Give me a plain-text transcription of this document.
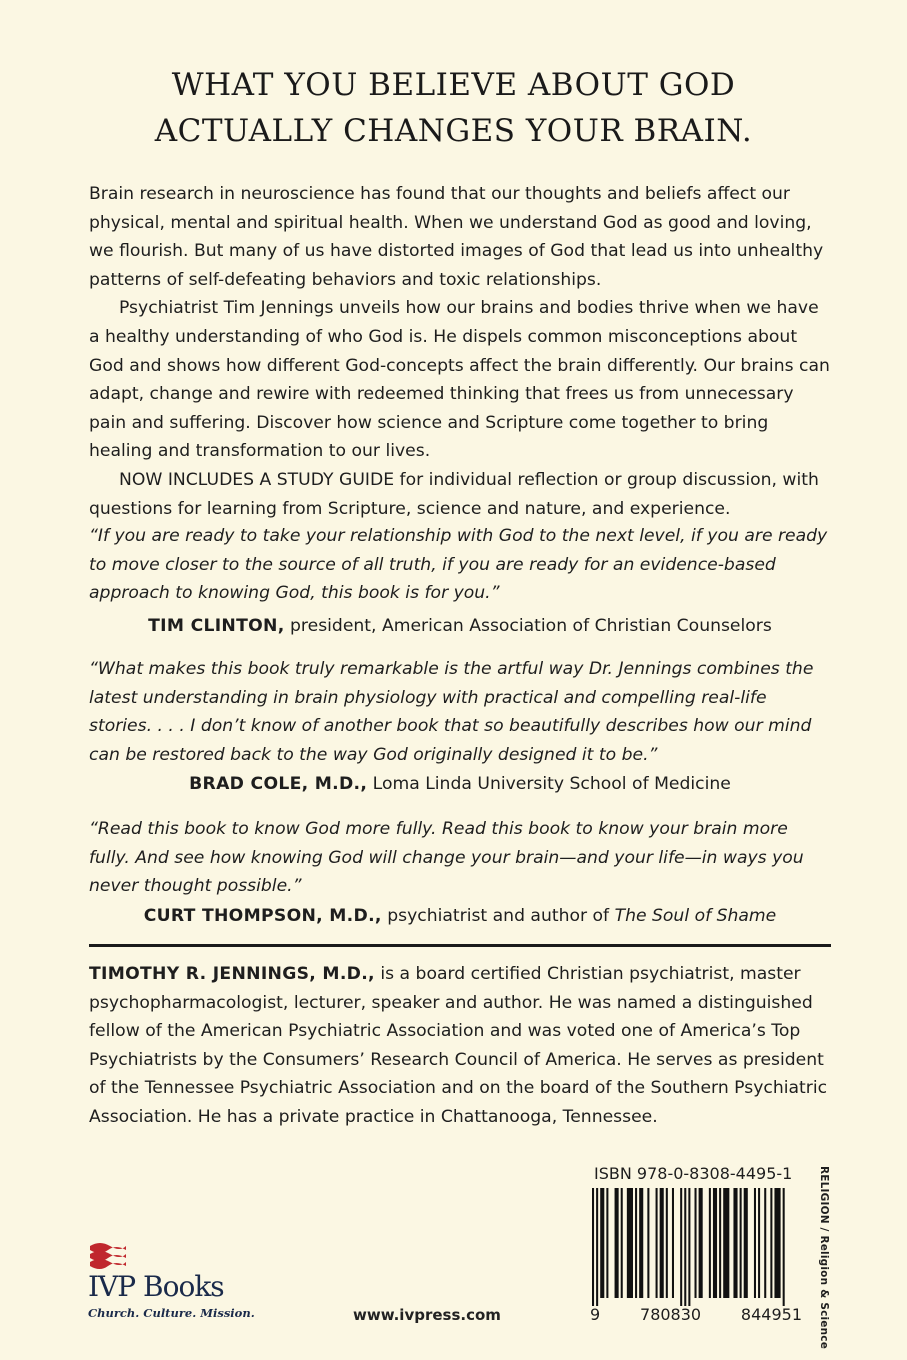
WHAT YOU BELIEVE ABOUT GOD
ACTUALLY CHANGES YOUR BRAIN.

Brain research in neuroscience has found that our thoughts and beliefs affect our physical, mental and spiritual health. When we understand God as good and loving, we flourish. But many of us have distorted images of God that lead us into unhealthy patterns of self-defeating behaviors and toxic relationships.

Psychiatrist Tim Jennings unveils how our brains and bodies thrive when we have a healthy understanding of who God is. He dispels common misconceptions about God and shows how different God-concepts affect the brain differently. Our brains can adapt, change and rewire with redeemed thinking that frees us from unnecessary pain and suffering. Discover how science and Scripture come together to bring healing and transformation to our lives.

NOW INCLUDES A STUDY GUIDE for individual reflection or group discussion, with questions for learning from Scripture, science and nature, and experience.

“If you are ready to take your relationship with God to the next level, if you are ready to move closer to the source of all truth, if you are ready for an evidence-based approach to knowing God, this book is for you.”

TIM CLINTON, president, American Association of Christian Counselors

“What makes this book truly remarkable is the artful way Dr. Jennings combines the latest understanding in brain physiology with practical and compelling real-life stories. . . . I don’t know of another book that so beautifully describes how our mind can be restored back to the way God originally designed it to be.”

BRAD COLE, M.D., Loma Linda University School of Medicine

“Read this book to know God more fully. Read this book to know your brain more fully. And see how knowing God will change your brain—and your life—in ways you never thought possible.”

CURT THOMPSON, M.D., psychiatrist and author of The Soul of Shame
TIMOTHY R. JENNINGS, M.D., is a board certified Christian psychiatrist, master psychopharmacologist, lecturer, speaker and author. He was named a distinguished fellow of the American Psychiatric Association and was voted one of America’s Top Psychiatrists by the Consumers’ Research Council of America. He serves as president of the Tennessee Psychiatric Association and on the board of the Southern Psychiatric Association. He has a private practice in Chattanooga, Tennessee.
ISBN 978-0-8308-4495-1
9 780830 844951 RELIGION / Religion & Science
IVP Books
Church. Culture. Mission.	www.ivpress.com
